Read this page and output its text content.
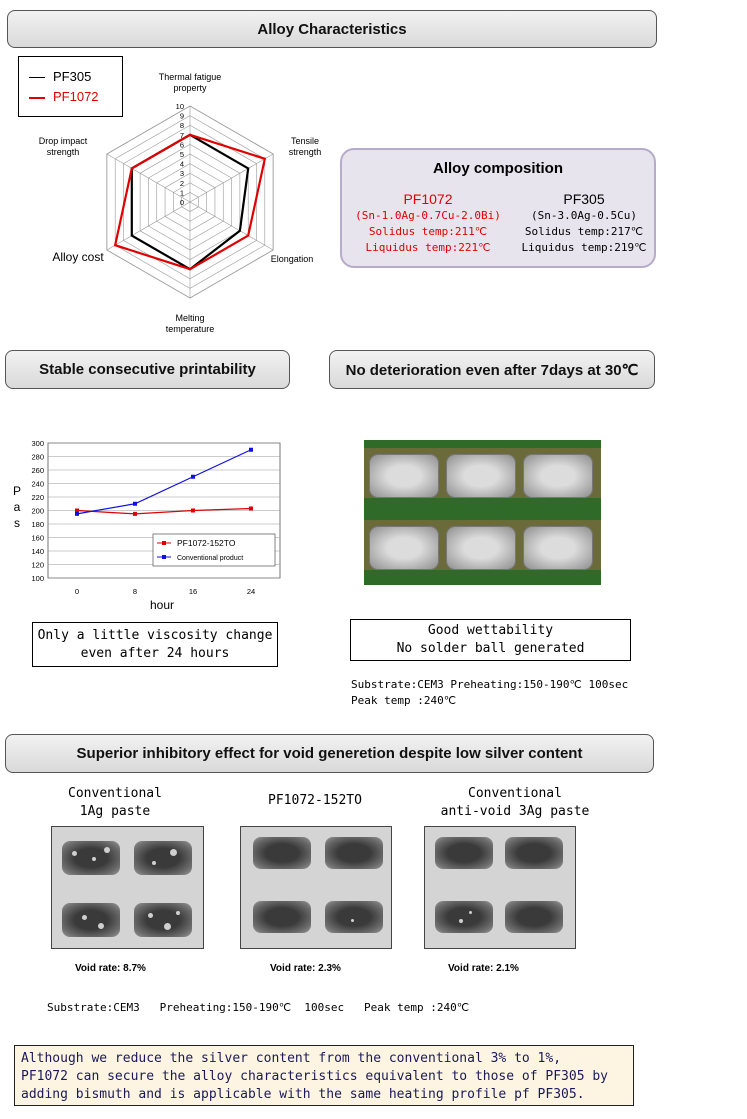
Alloy Characteristics
PF305
PF1072
0
1
2
3
4
5
6
7
8
9
10
Thermal fatigue
property
Tensile
strength
Elongation
Melting
temperature
Alloy cost
Drop impact
strength
Alloy composition
PF1072
(Sn-1.0Ag-0.7Cu-2.0Bi)
Solidus temp:211℃
Liquidus temp:221℃
PF305
(Sn-3.0Ag-0.5Cu)
Solidus temp:217℃
Liquidus temp:219℃
Stable consecutive printability	No deterioration even after 7days at 30℃
100
120
140
160
180
200
220
240
260
280
300
0	8	16	24
PF1072-152TO
Conventional product
P
a
s
hour
Only a little viscosity change
even after 24 hours
Good wettability
No solder ball generated
Substrate:CEM3 Preheating:150-190℃ 100sec
Peak temp :240℃
Superior inhibitory effect for void generetion despite low silver content
Conventional
1Ag paste
PF1072-152TO	Conventional
anti-void 3Ag paste
Void rate: 8.7%	Void rate: 2.3%	Void rate: 2.1%
Substrate:CEM3   Preheating:150-190℃  100sec   Peak temp :240℃
Although we reduce the silver content from the conventional 3% to 1%,
PF1072 can secure the alloy characteristics equivalent to those of PF305 by
adding bismuth and is applicable with the same heating profile pf PF305.
